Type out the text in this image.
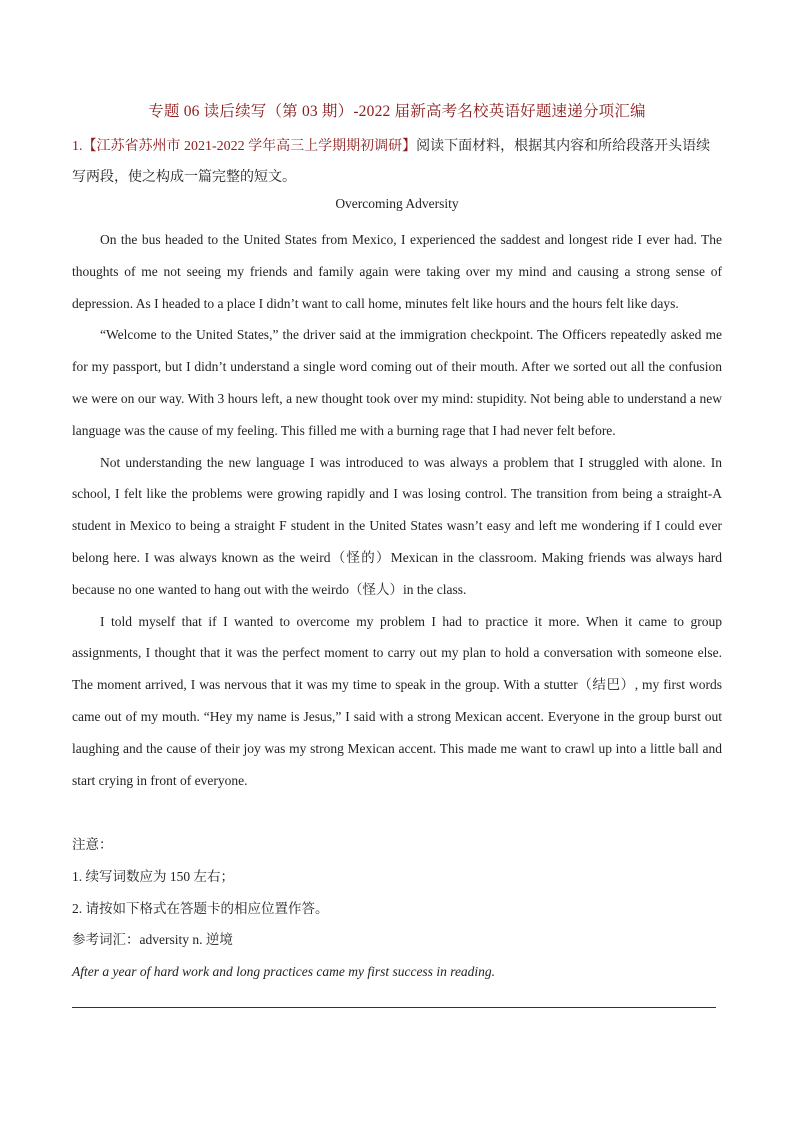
专题 06 读后续写（第 03 期）-2022 届新高考名校英语好题速递分项汇编
1.【江苏省苏州市 2021-2022 学年高三上学期期初调研】阅读下面材料，根据其内容和所给段落开头语续写两段，使之构成一篇完整的短文。
Overcoming Adversity

On the bus headed to the United States from Mexico, I experienced the saddest and longest ride I ever had. The thoughts of me not seeing my friends and family again were taking over my mind and causing a strong sense of depression. As I headed to a place I didn’t want to call home, minutes felt like hours and the hours felt like days.

“Welcome to the United States,” the driver said at the immigration checkpoint. The Officers repeatedly asked me for my passport, but I didn’t understand a single word coming out of their mouth. After we sorted out all the confusion we were on our way. With 3 hours left, a new thought took over my mind: stupidity. Not being able to understand a new language was the cause of my feeling. This filled me with a burning rage that I had never felt before.

Not understanding the new language I was introduced to was always a problem that I struggled with alone. In school, I felt like the problems were growing rapidly and I was losing control. The transition from being a straight-A student in Mexico to being a straight F student in the United States wasn’t easy and left me wondering if I could ever belong here. I was always known as the weird（怪的）Mexican in the classroom. Making friends was always hard because no one wanted to hang out with the weirdo（怪人）in the class.

I told myself that if I wanted to overcome my problem I had to practice it more. When it came to group assignments, I thought that it was the perfect moment to carry out my plan to hold a conversation with someone else. The moment arrived, I was nervous that it was my time to speak in the group. With a stutter（结巴）, my first words came out of my mouth. “Hey my name is Jesus,” I said with a strong Mexican accent. Everyone in the group burst out laughing and the cause of their joy was my strong Mexican accent. This made me want to crawl up into a little ball and start crying in front of everyone.

注意：
1. 续写词数应为 150 左右；
2. 请按如下格式在答题卡的相应位置作答。
参考词汇：adversity n. 逆境
After a year of hard work and long practices came my first success in reading.
